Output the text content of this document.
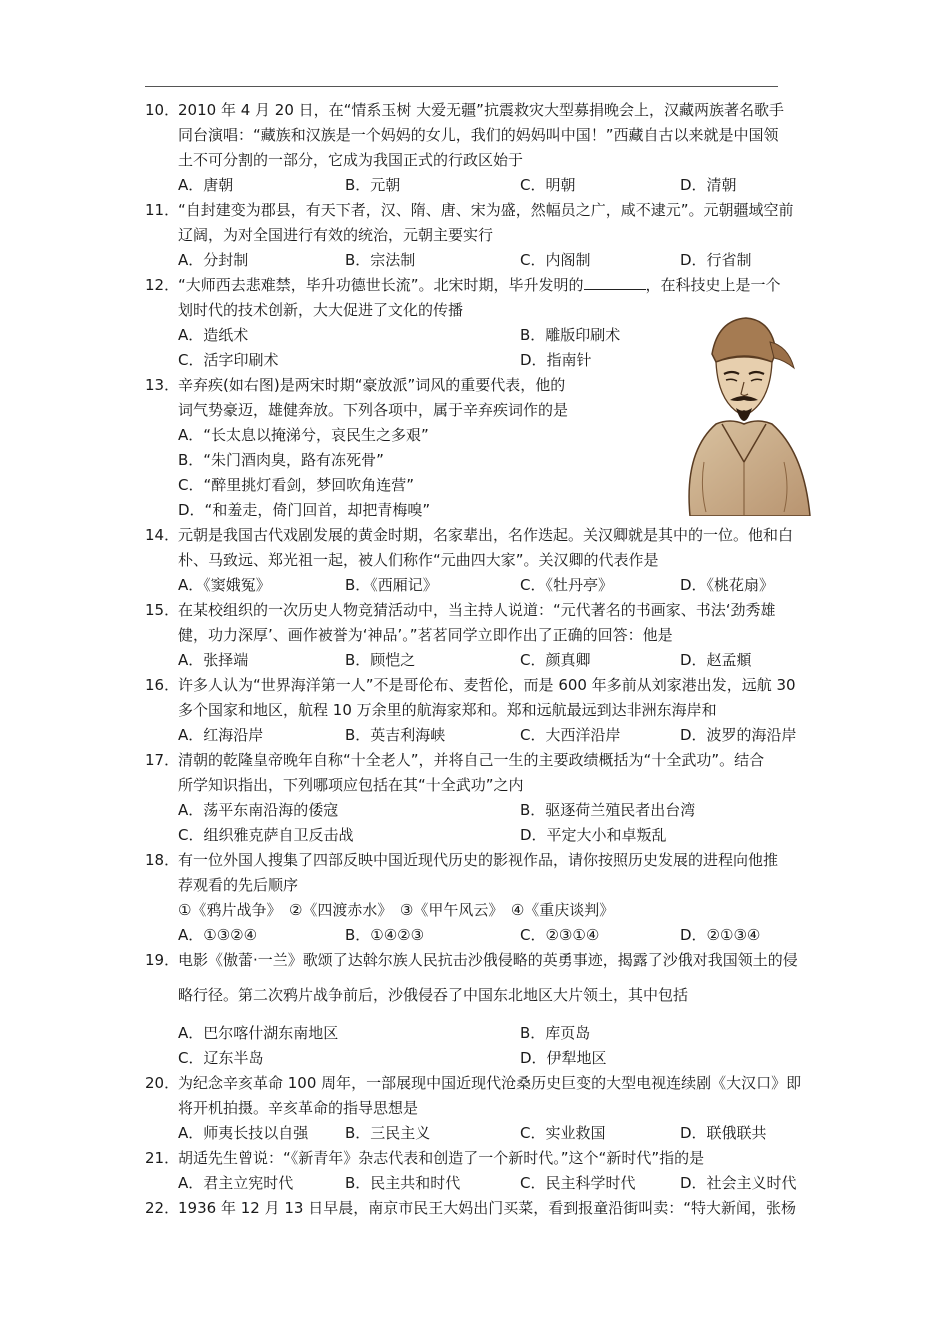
10．
2010 年 4 月 20 日，在“情系玉树 大爱无疆”抗震救灾大型募捐晚会上，汉藏两族著名歌手
同台演唱：“藏族和汉族是一个妈妈的女儿，我们的妈妈叫中国！”西藏自古以来就是中国领
土不可分割的一部分，它成为我国正式的行政区始于
A．唐朝	B．元朝	C．明朝	D．清朝
11．
“自封建变为郡县，有天下者，汉、隋、唐、宋为盛，然幅员之广，咸不逮元”。元朝疆域空前
辽阔，为对全国进行有效的统治，元朝主要实行
A．分封制	B．宗法制	C．内阁制	D．行省制
12．
“大师西去悲难禁，毕升功德世长流”。北宋时期，毕升发明的	，在科技史上是一个
划时代的技术创新，大大促进了文化的传播
A．造纸术	B．雕版印刷术
C．活字印刷术	D．指南针
13．
辛弃疾(如右图)是两宋时期“豪放派”词风的重要代表，他的
词气势豪迈，雄健奔放。下列各项中，属于辛弃疾词作的是
A．“长太息以掩涕兮，哀民生之多艰”
B．“朱门酒肉臭，路有冻死骨”
C．“醉里挑灯看剑，梦回吹角连营”
D．“和羞走，倚门回首，却把青梅嗅”
14．
元朝是我国古代戏剧发展的黄金时期，名家辈出，名作迭起。关汉卿就是其中的一位。他和白
朴、马致远、郑光祖一起，被人们称作“元曲四大家”。关汉卿的代表作是
A．《窦娥冤》	B．《西厢记》	C．《牡丹亭》	D．《桃花扇》
15．
在某校组织的一次历史人物竞猜活动中，当主持人说道：“元代著名的书画家、书法‘劲秀雄
健，功力深厚’、画作被誉为‘神品’。”茗茗同学立即作出了正确的回答：他是
A．张择端	B．顾恺之	C．颜真卿	D．赵孟頫
16．
许多人认为“世界海洋第一人”不是哥伦布、麦哲伦，而是 600 年多前从刘家港出发，远航 30
多个国家和地区，航程 10 万余里的航海家郑和。郑和远航最远到达非洲东海岸和
A．红海沿岸	B．英吉利海峡	C．大西洋沿岸	D．波罗的海沿岸
17．
清朝的乾隆皇帝晚年自称“十全老人”，并将自己一生的主要政绩概括为“十全武功”。结合
所学知识指出，下列哪项应包括在其“十全武功”之内
A．荡平东南沿海的倭寇	B．驱逐荷兰殖民者出台湾
C．组织雅克萨自卫反击战	D．平定大小和卓叛乱
18．
有一位外国人搜集了四部反映中国近现代历史的影视作品，请你按照历史发展的进程向他推
荐观看的先后顺序
①《鸦片战争》　②《四渡赤水》　③《甲午风云》　④《重庆谈判》
A．①③②④	B．①④②③	C．②③①④	D．②①③④
19．
电影《傲蕾·一兰》歌颂了达斡尔族人民抗击沙俄侵略的英勇事迹，揭露了沙俄对我国领土的侵
略行径。第二次鸦片战争前后，沙俄侵吞了中国东北地区大片领土，其中包括
A．巴尔喀什湖东南地区	B．库页岛
C．辽东半岛	D．伊犁地区
20．
为纪念辛亥革命 100 周年，一部展现中国近现代沧桑历史巨变的大型电视连续剧《大汉口》即
将开机拍摄。辛亥革命的指导思想是
A．师夷长技以自强 B．三民主义	C．实业救国	D．联俄联共
21．
胡适先生曾说：“《新青年》杂志代表和创造了一个新时代。”这个“新时代”指的是
A．君主立宪时代	B．民主共和时代	C．民主科学时代	D．社会主义时代
22．
1936 年 12 月 13 日早晨，南京市民王大妈出门买菜，看到报童沿街叫卖：“特大新闻，张杨
